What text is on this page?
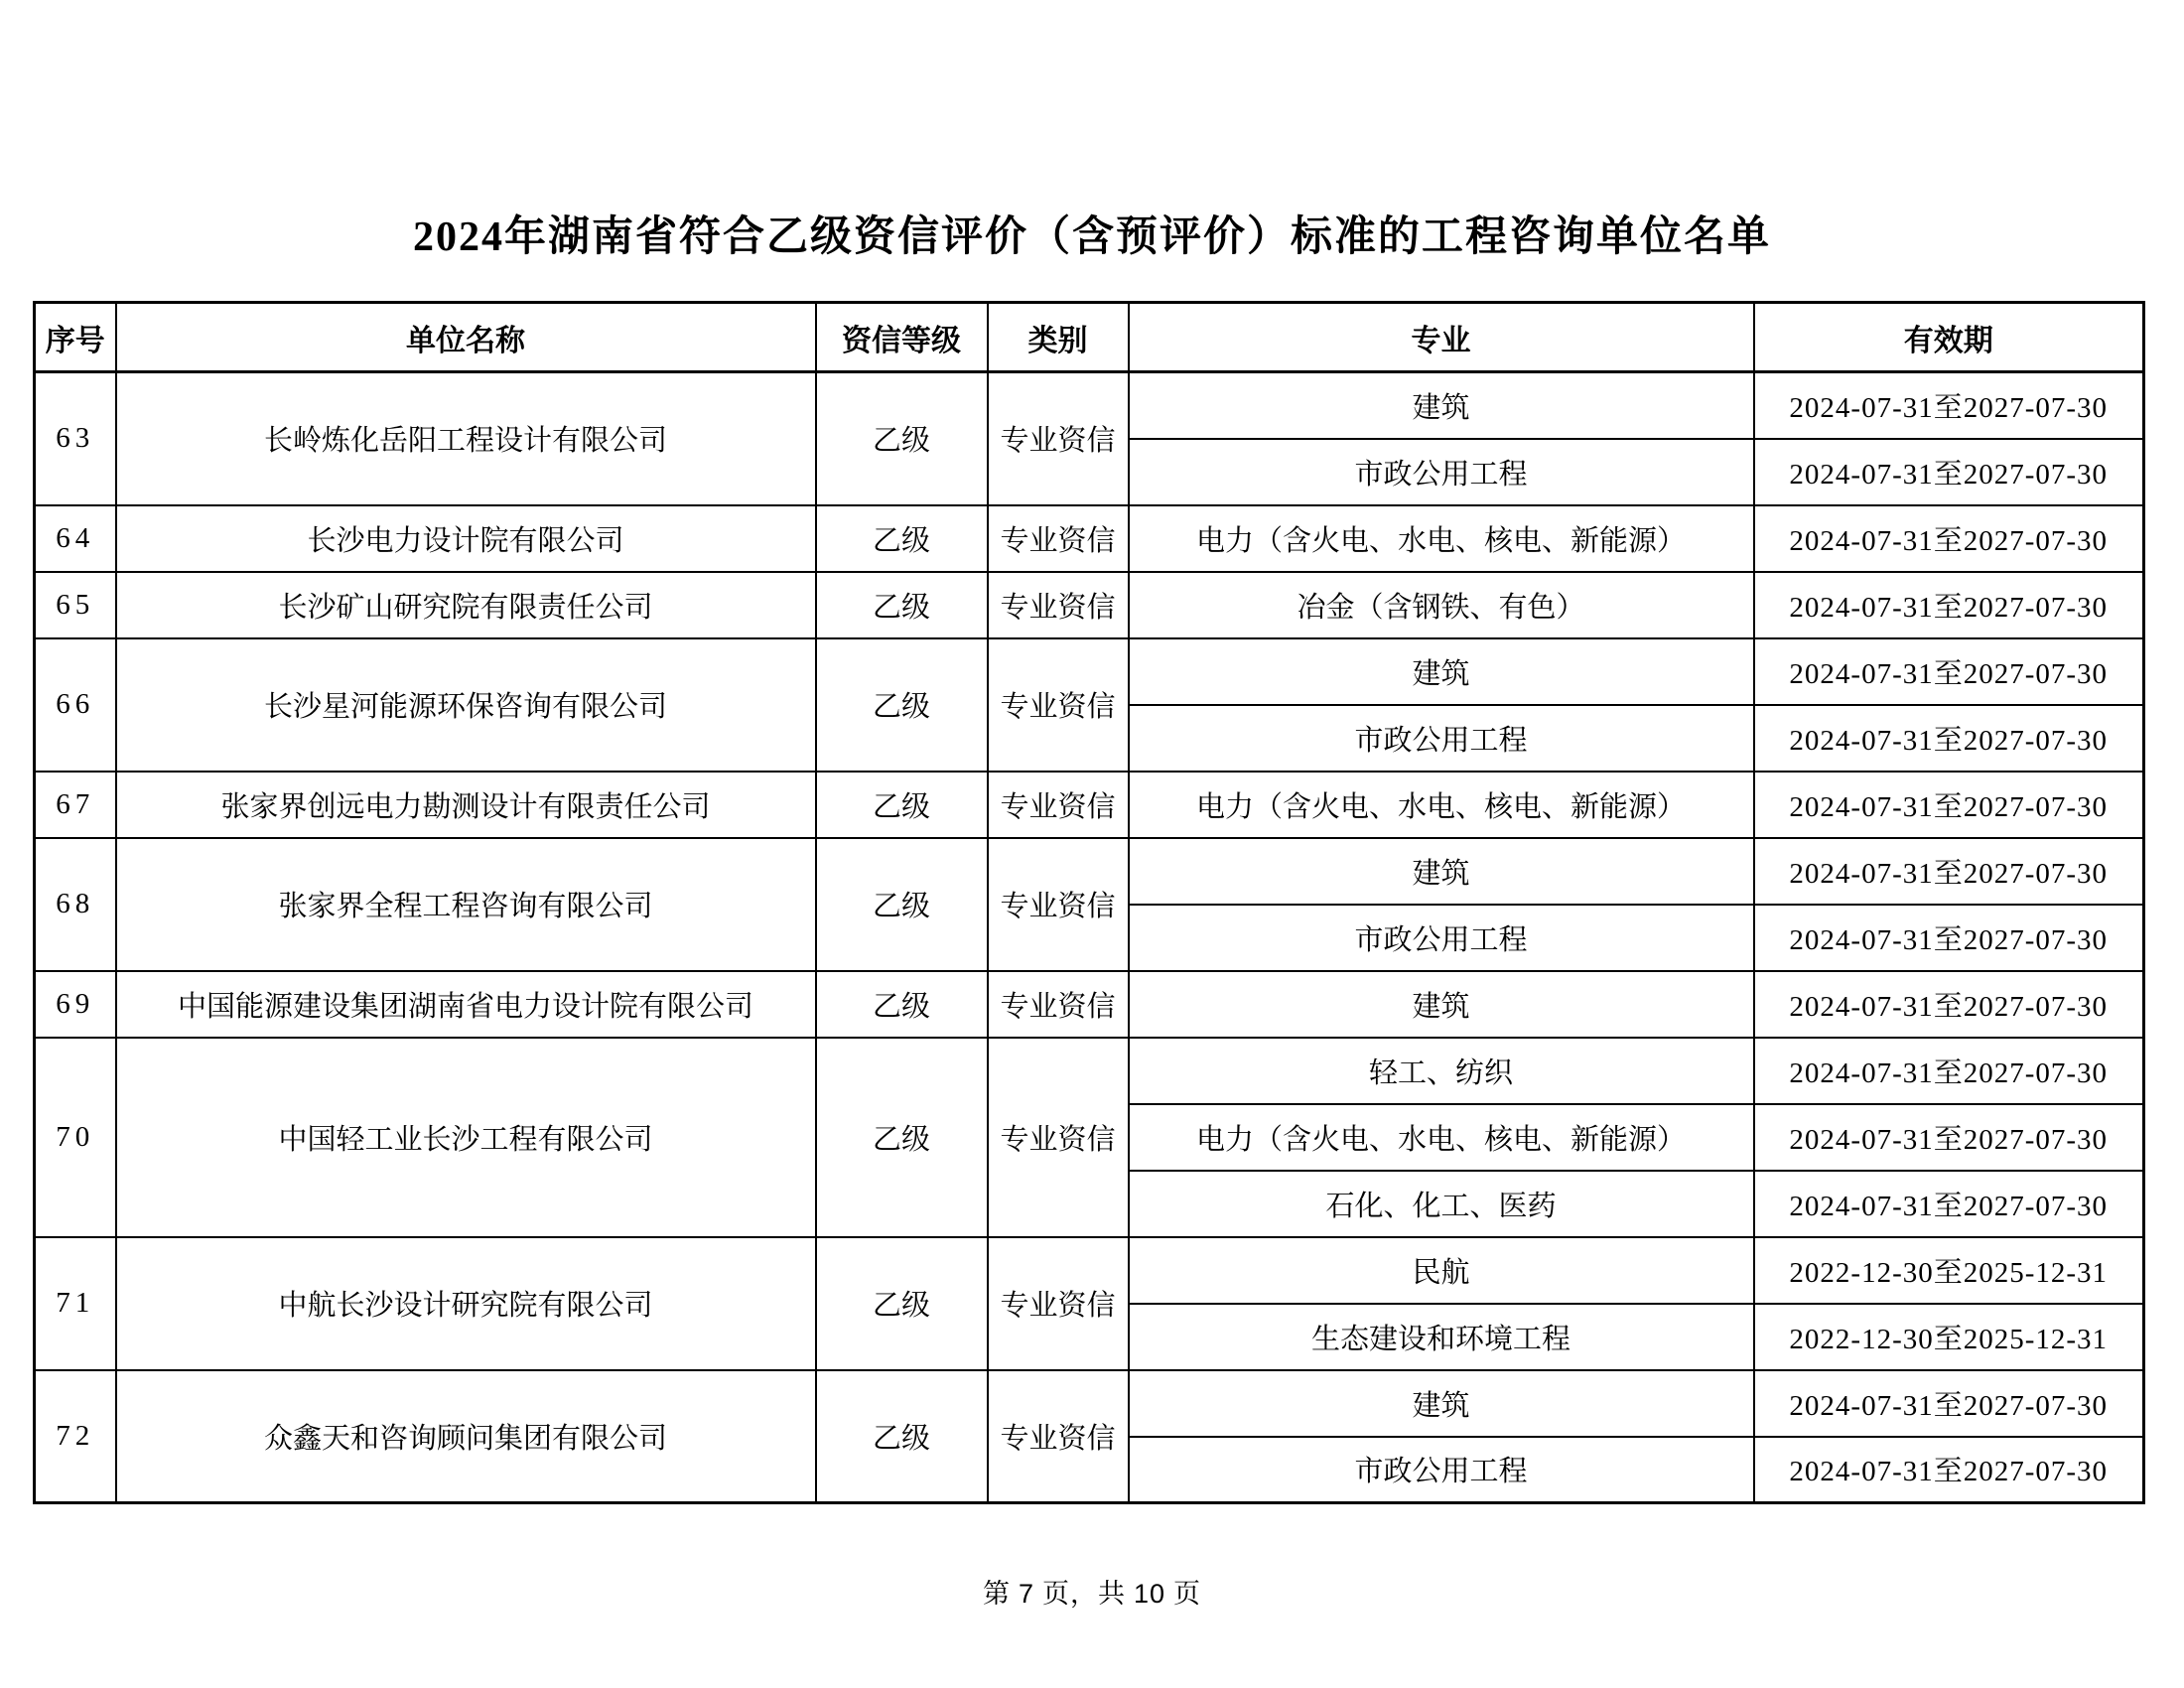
2024年湖南省符合乙级资信评价（含预评价）标准的工程咨询单位名单
序号	单位名称	资信等级	类别	专业	有效期
63	长岭炼化岳阳工程设计有限公司	乙级	专业资信	建筑	2024-07-31至2027-07-30
				市政公用工程	2024-07-31至2027-07-30
64	长沙电力设计院有限公司	乙级	专业资信	电力（含火电、水电、核电、新能源）	2024-07-31至2027-07-30
65	长沙矿山研究院有限责任公司	乙级	专业资信	冶金（含钢铁、有色）	2024-07-31至2027-07-30
66	长沙星河能源环保咨询有限公司	乙级	专业资信	建筑	2024-07-31至2027-07-30
				市政公用工程	2024-07-31至2027-07-30
67	张家界创远电力勘测设计有限责任公司	乙级	专业资信	电力（含火电、水电、核电、新能源）	2024-07-31至2027-07-30
68	张家界全程工程咨询有限公司	乙级	专业资信	建筑	2024-07-31至2027-07-30
				市政公用工程	2024-07-31至2027-07-30
69	中国能源建设集团湖南省电力设计院有限公司	乙级	专业资信	建筑	2024-07-31至2027-07-30
70	中国轻工业长沙工程有限公司	乙级	专业资信	轻工、纺织	2024-07-31至2027-07-30
				电力（含火电、水电、核电、新能源）	2024-07-31至2027-07-30
				石化、化工、医药	2024-07-31至2027-07-30
71	中航长沙设计研究院有限公司	乙级	专业资信	民航	2022-12-30至2025-12-31
				生态建设和环境工程	2022-12-30至2025-12-31
72	众鑫天和咨询顾问集团有限公司	乙级	专业资信	建筑	2024-07-31至2027-07-30
				市政公用工程	2024-07-31至2027-07-30
第 7 页，共 10 页
